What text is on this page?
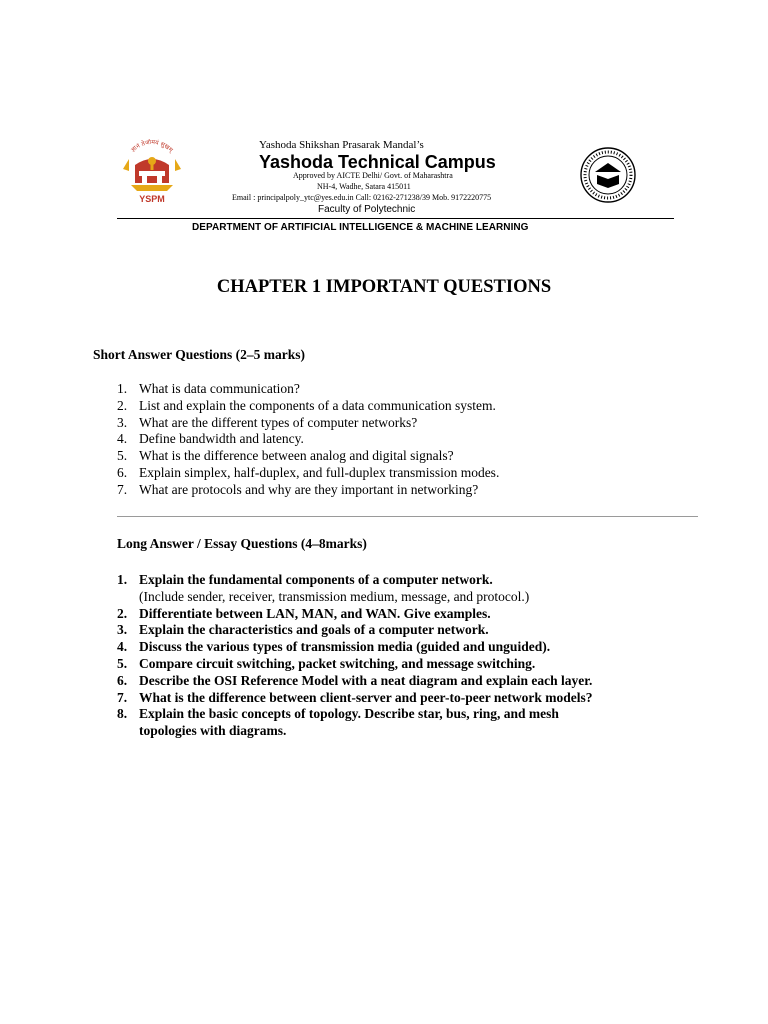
ज्ञानं तेजोमयं सुखम्
YSPM
Yashoda Shikshan Prasarak Mandal’s
Yashoda Technical Campus
Approved by AICTE Delhi/ Govt. of Maharashtra
NH-4, Wadhe, Satara 415011
Email : principalpoly_ytc@yes.edu.in Call: 02162-271238/39 Mob. 9172220775
Faculty of Polytechnic
DEPARTMENT OF ARTIFICIAL INTELLIGENCE & MACHINE LEARNING
CHAPTER 1 IMPORTANT QUESTIONS
Short Answer Questions (2–5 marks)
1. What is data communication?
2. List and explain the components of a data communication system.
3. What are the different types of computer networks?
4. Define bandwidth and latency.
5. What is the difference between analog and digital signals?
6. Explain simplex, half-duplex, and full-duplex transmission modes.
7. What are protocols and why are they important in networking?
Long Answer / Essay Questions (4–8marks)
1. Explain the fundamental components of a computer network.
(Include sender, receiver, transmission medium, message, and protocol.)
2. Differentiate between LAN, MAN, and WAN. Give examples.
3. Explain the characteristics and goals of a computer network.
4. Discuss the various types of transmission media (guided and unguided).
5. Compare circuit switching, packet switching, and message switching.
6. Describe the OSI Reference Model with a neat diagram and explain each layer.
7. What is the difference between client-server and peer-to-peer network models?
8. Explain the basic concepts of topology. Describe star, bus, ring, and mesh
topologies with diagrams.
